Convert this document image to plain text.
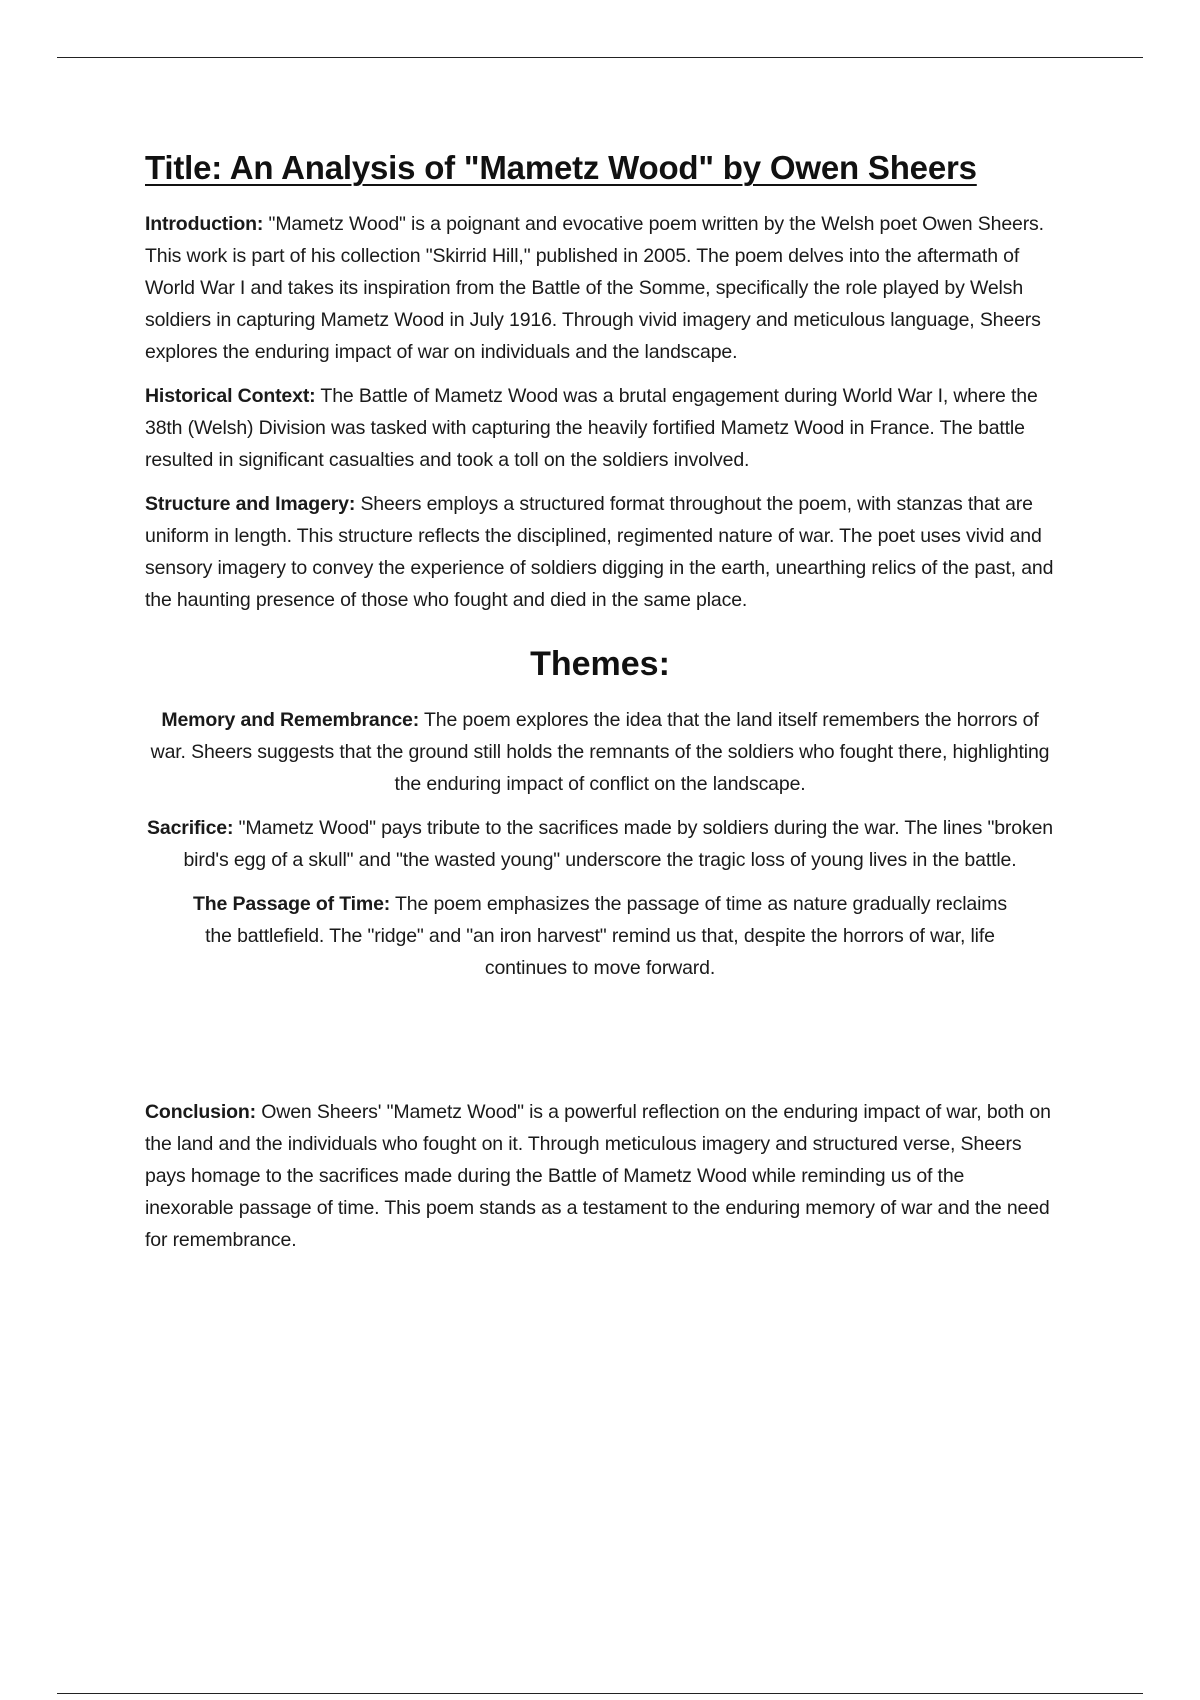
Title: An Analysis of "Mametz Wood" by Owen Sheers

Introduction: "Mametz Wood" is a poignant and evocative poem written by the Welsh poet Owen Sheers. This work is part of his collection "Skirrid Hill," published in 2005. The poem delves into the aftermath of World War I and takes its inspiration from the Battle of the Somme, specifically the role played by Welsh soldiers in capturing Mametz Wood in July 1916. Through vivid imagery and meticulous language, Sheers explores the enduring impact of war on individuals and the landscape.

Historical Context: The Battle of Mametz Wood was a brutal engagement during World War I, where the 38th (Welsh) Division was tasked with capturing the heavily fortified Mametz Wood in France. The battle resulted in significant casualties and took a toll on the soldiers involved.

Structure and Imagery: Sheers employs a structured format throughout the poem, with stanzas that are uniform in length. This structure reflects the disciplined, regimented nature of war. The poet uses vivid and sensory imagery to convey the experience of soldiers digging in the earth, unearthing relics of the past, and the haunting presence of those who fought and died in the same place.

Themes:

Memory and Remembrance: The poem explores the idea that the land itself remembers the horrors of war. Sheers suggests that the ground still holds the remnants of the soldiers who fought there, highlighting the enduring impact of conflict on the landscape.

Sacrifice: "Mametz Wood" pays tribute to the sacrifices made by soldiers during the war. The lines "broken bird's egg of a skull" and "the wasted young" underscore the tragic loss of young lives in the battle.

The Passage of Time: The poem emphasizes the passage of time as nature gradually reclaims the battlefield. The "ridge" and "an iron harvest" remind us that, despite the horrors of war, life continues to move forward.

Conclusion: Owen Sheers' "Mametz Wood" is a powerful reflection on the enduring impact of war, both on the land and the individuals who fought on it. Through meticulous imagery and structured verse, Sheers pays homage to the sacrifices made during the Battle of Mametz Wood while reminding us of the inexorable passage of time. This poem stands as a testament to the enduring memory of war and the need for remembrance.
